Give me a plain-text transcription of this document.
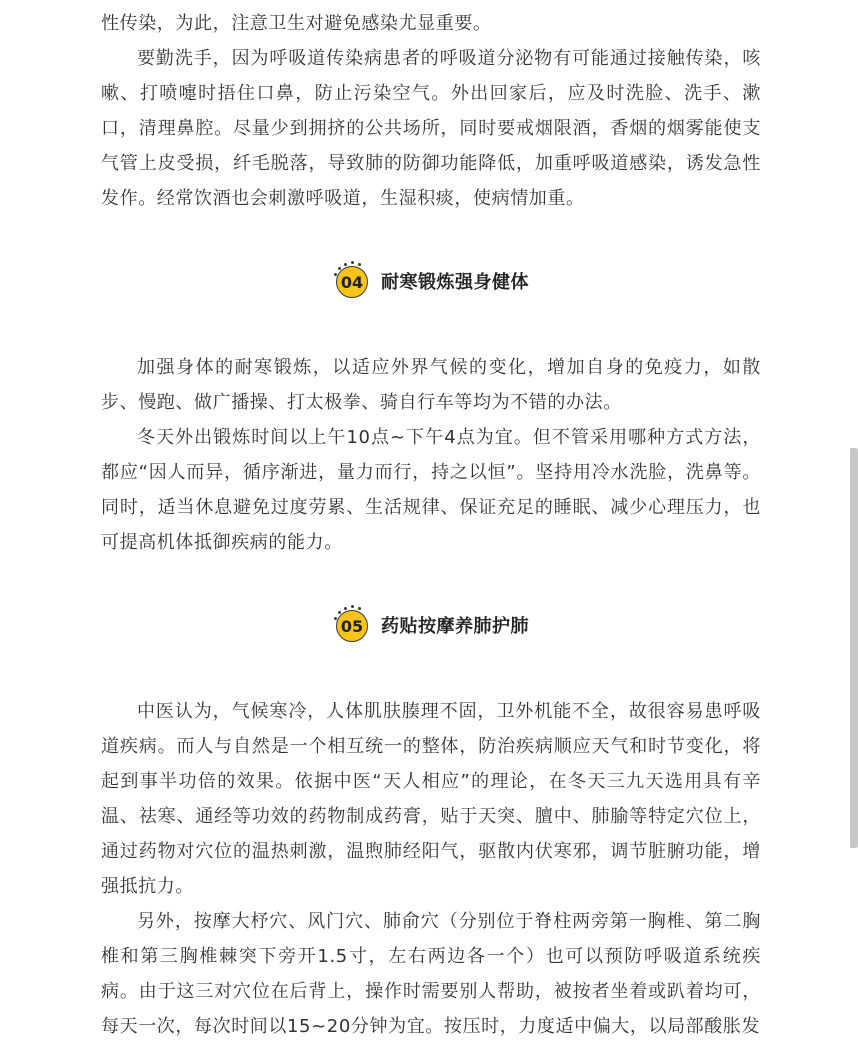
性传染，为此，注意卫生对避免感染尤显重要。

要勤洗手，因为呼吸道传染病患者的呼吸道分泌物有可能通过接触传染，咳嗽、打喷嚏时捂住口鼻，防止污染空气。外出回家后，应及时洗脸、洗手、漱口，清理鼻腔。尽量少到拥挤的公共场所，同时要戒烟限酒，香烟的烟雾能使支气管上皮受损，纤毛脱落，导致肺的防御功能降低，加重呼吸道感染，诱发急性发作。经常饮酒也会刺激呼吸道，生湿积痰，使病情加重。

04 耐寒锻炼强身健体

加强身体的耐寒锻炼，以适应外界气候的变化，增加自身的免疫力，如散步、慢跑、做广播操、打太极拳、骑自行车等均为不错的办法。

冬天外出锻炼时间以上午10点~下午4点为宜。但不管采用哪种方式方法，都应“因人而异，循序渐进，量力而行，持之以恒”。坚持用冷水洗脸，洗鼻等。同时，适当休息避免过度劳累、生活规律、保证充足的睡眠、减少心理压力，也可提高机体抵御疾病的能力。

05 药贴按摩养肺护肺

中医认为，气候寒冷，人体肌肤腠理不固，卫外机能不全，故很容易患呼吸道疾病。而人与自然是一个相互统一的整体，防治疾病顺应天气和时节变化，将起到事半功倍的效果。依据中医“天人相应”的理论，在冬天三九天选用具有辛温、祛寒、通经等功效的药物制成药膏，贴于天突、膻中、肺腧等特定穴位上，通过药物对穴位的温热刺激，温煦肺经阳气，驱散内伏寒邪，调节脏腑功能，增强抵抗力。

另外，按摩大杼穴、风门穴、肺俞穴（分别位于脊柱两旁第一胸椎、第二胸椎和第三胸椎棘突下旁开1.5寸，左右两边各一个）也可以预防呼吸道系统疾病。由于这三对穴位在后背上，操作时需要别人帮助，被按者坐着或趴着均可，每天一次，每次时间以15~20分钟为宜。按压时，力度适中偏大，以局部酸胀发
